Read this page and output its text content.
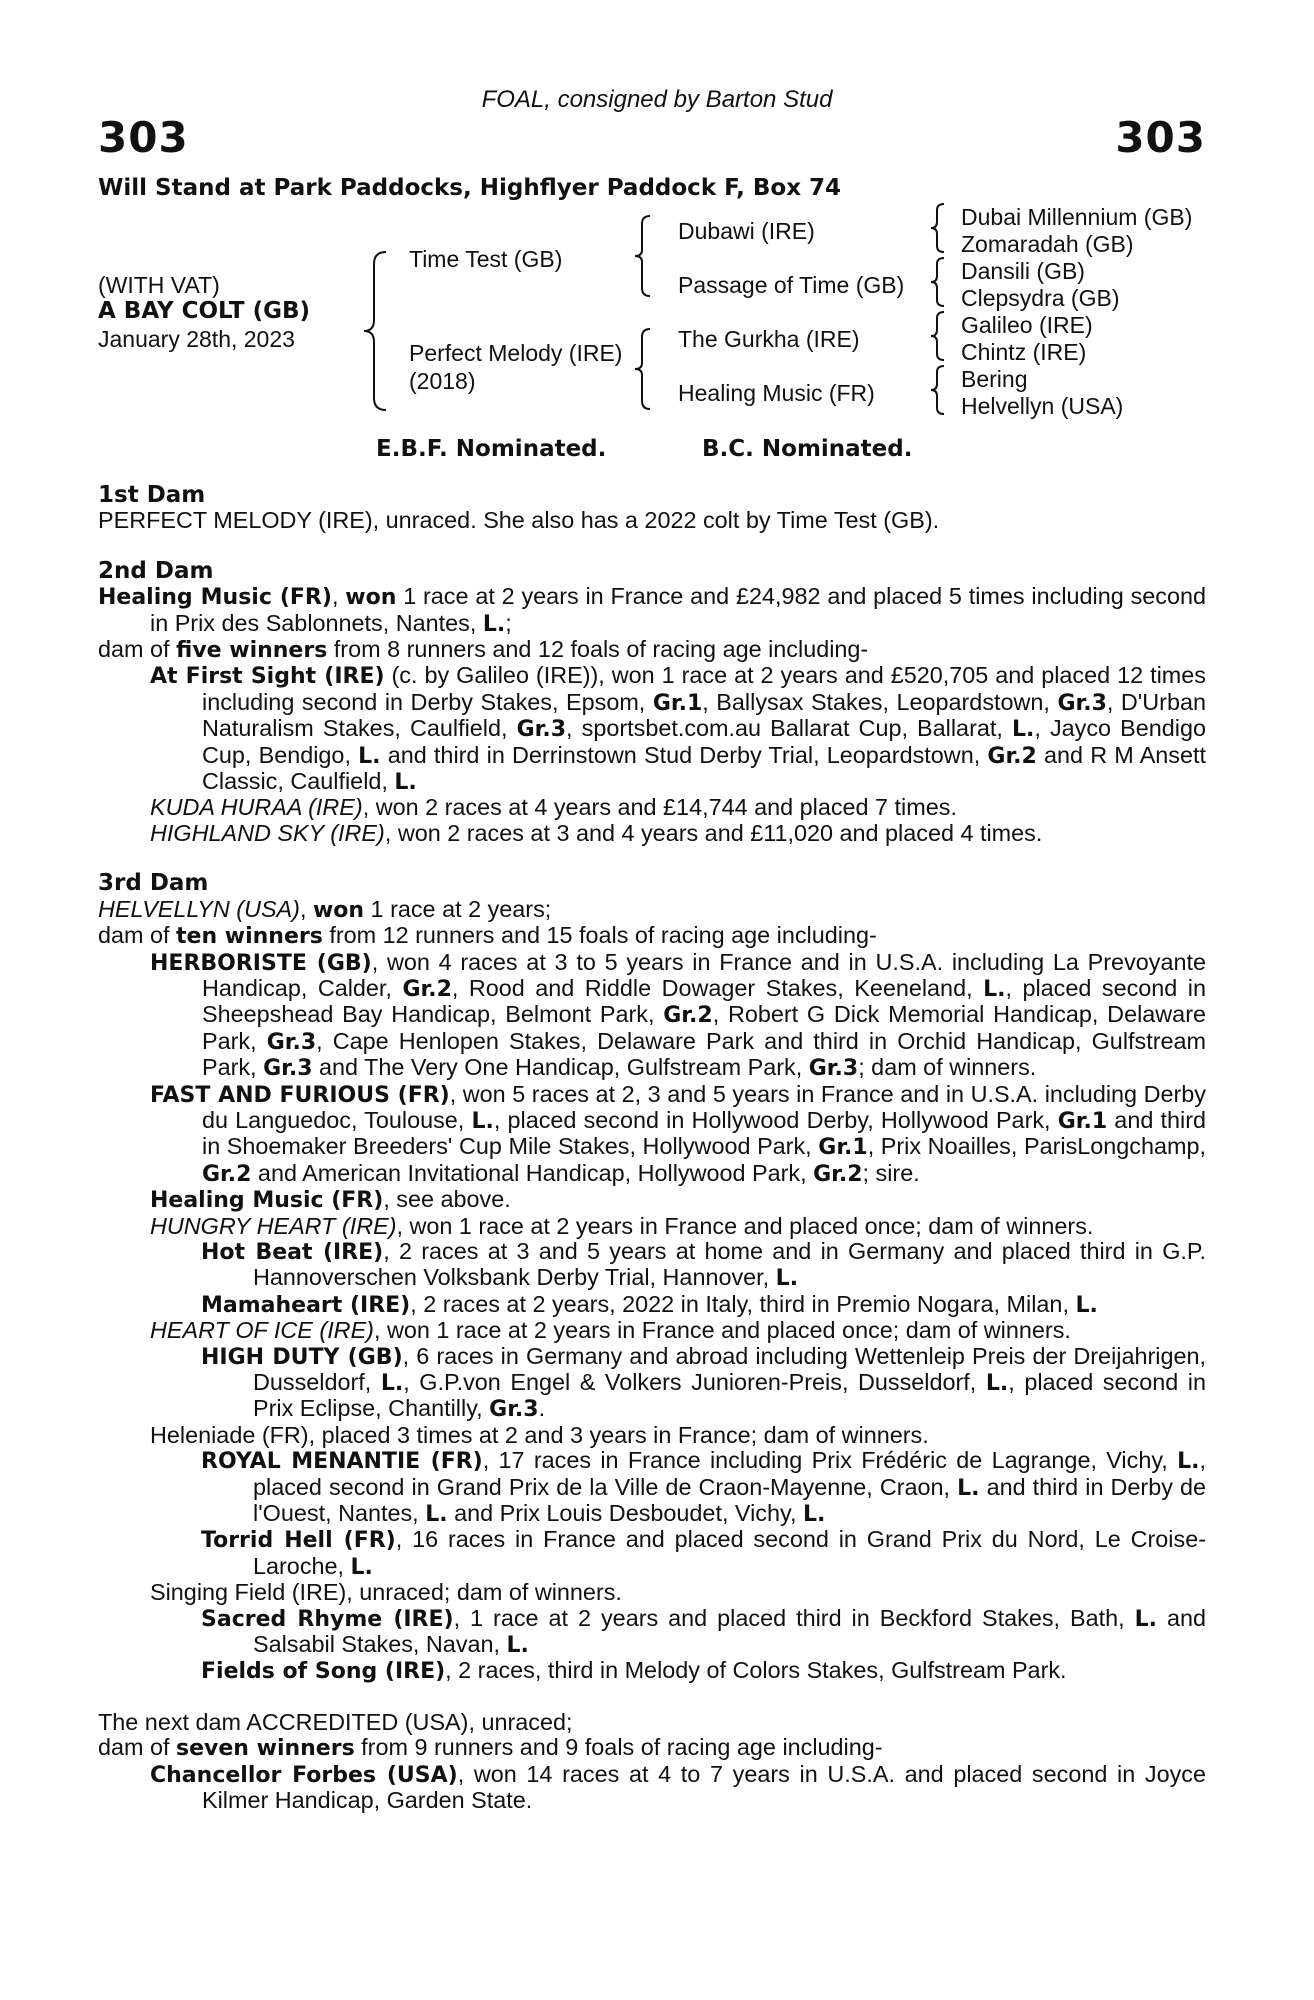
FOAL, consigned by Barton Stud
303	303
Will Stand at Park Paddocks, Highflyer Paddock F, Box 74
(WITH VAT)
A BAY COLT (GB)
January 28th, 2023
Time Test (GB)
Perfect Melody (IRE)
(2018)
Dubawi (IRE)
Passage of Time (GB)
The Gurkha (IRE)
Healing Music (FR)
Dubai Millennium (GB)
Zomaradah (GB)
Dansili (GB)
Clepsydra (GB)
Galileo (IRE)
Chintz (IRE)
Bering
Helvellyn (USA)
E.B.F. Nominated.	B.C. Nominated.
1st Dam

PERFECT MELODY (IRE), unraced. She also has a 2022 colt by Time Test (GB).

2nd Dam

Healing Music (FR), won 1 race at 2 years in France and £24,982 and placed 5 times including second in Prix des Sablonnets, Nantes, L.;

dam of five winners from 8 runners and 12 foals of racing age including-

At First Sight (IRE) (c. by Galileo (IRE)), won 1 race at 2 years and £520,705 and placed 12 times including second in Derby Stakes, Epsom, Gr.1, Ballysax Stakes, Leopardstown, Gr.3, D'Urban Naturalism Stakes, Caulfield, Gr.3, sportsbet.com.au Ballarat Cup, Ballarat, L., Jayco Bendigo Cup, Bendigo, L. and third in Derrinstown Stud Derby Trial, Leopardstown, Gr.2 and R M Ansett Classic, Caulfield, L.

KUDA HURAA (IRE), won 2 races at 4 years and £14,744 and placed 7 times.

HIGHLAND SKY (IRE), won 2 races at 3 and 4 years and £11,020 and placed 4 times.

3rd Dam

HELVELLYN (USA), won 1 race at 2 years;

dam of ten winners from 12 runners and 15 foals of racing age including-

HERBORISTE (GB), won 4 races at 3 to 5 years in France and in U.S.A. including La Prevoyante Handicap, Calder, Gr.2, Rood and Riddle Dowager Stakes, Keeneland, L., placed second in Sheepshead Bay Handicap, Belmont Park, Gr.2, Robert G Dick Memorial Handicap, Delaware Park, Gr.3, Cape Henlopen Stakes, Delaware Park and third in Orchid Handicap, Gulfstream Park, Gr.3 and The Very One Handicap, Gulfstream Park, Gr.3; dam of winners.

FAST AND FURIOUS (FR), won 5 races at 2, 3 and 5 years in France and in U.S.A. including Derby du Languedoc, Toulouse, L., placed second in Hollywood Derby, Hollywood Park, Gr.1 and third in Shoemaker Breeders' Cup Mile Stakes, Hollywood Park, Gr.1, Prix Noailles, ParisLongchamp, Gr.2 and American Invitational Handicap, Hollywood Park, Gr.2; sire.

Healing Music (FR), see above.

HUNGRY HEART (IRE), won 1 race at 2 years in France and placed once; dam of winners.

Hot Beat (IRE), 2 races at 3 and 5 years at home and in Germany and placed third in G.P. Hannoverschen Volksbank Derby Trial, Hannover, L.

Mamaheart (IRE), 2 races at 2 years, 2022 in Italy, third in Premio Nogara, Milan, L.

HEART OF ICE (IRE), won 1 race at 2 years in France and placed once; dam of winners.

HIGH DUTY (GB), 6 races in Germany and abroad including Wettenleip Preis der Dreijahrigen, Dusseldorf, L., G.P.von Engel & Volkers Junioren-Preis, Dusseldorf, L., placed second in Prix Eclipse, Chantilly, Gr.3.

Heleniade (FR), placed 3 times at 2 and 3 years in France; dam of winners.

ROYAL MENANTIE (FR), 17 races in France including Prix Frédéric de Lagrange, Vichy, L., placed second in Grand Prix de la Ville de Craon-Mayenne, Craon, L. and third in Derby de l'Ouest, Nantes, L. and Prix Louis Desboudet, Vichy, L.

Torrid Hell (FR), 16 races in France and placed second in Grand Prix du Nord, Le Croise-Laroche, L.

Singing Field (IRE), unraced; dam of winners.

Sacred Rhyme (IRE), 1 race at 2 years and placed third in Beckford Stakes, Bath, L. and Salsabil Stakes, Navan, L.

Fields of Song (IRE), 2 races, third in Melody of Colors Stakes, Gulfstream Park.

The next dam ACCREDITED (USA), unraced;

dam of seven winners from 9 runners and 9 foals of racing age including-

Chancellor Forbes (USA), won 14 races at 4 to 7 years in U.S.A. and placed second in Joyce Kilmer Handicap, Garden State.
